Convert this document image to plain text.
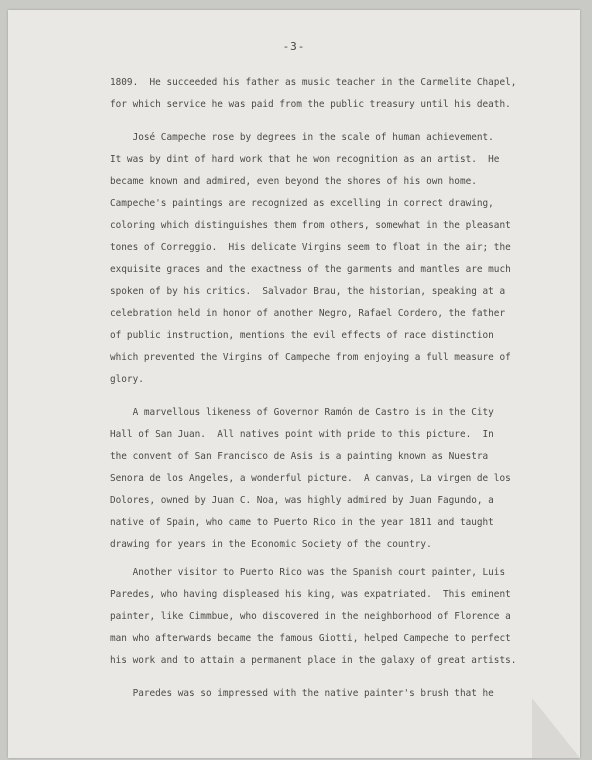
-3-
1809.  He succeeded his father as music teacher in the Carmelite Chapel,
for which service he was paid from the public treasury until his death.
José Campeche rose by degrees in the scale of human achievement.
It was by dint of hard work that he won recognition as an artist.  He
became known and admired, even beyond the shores of his own home.
Campeche's paintings are recognized as excelling in correct drawing,
coloring which distinguishes them from others, somewhat in the pleasant
tones of Correggio.  His delicate Virgins seem to float in the air; the
exquisite graces and the exactness of the garments and mantles are much
spoken of by his critics.  Salvador Brau, the historian, speaking at a
celebration held in honor of another Negro, Rafael Cordero, the father
of public instruction, mentions the evil effects of race distinction
which prevented the Virgins of Campeche from enjoying a full measure of
glory.
A marvellous likeness of Governor Ramón de Castro is in the City
Hall of San Juan.  All natives point with pride to this picture.  In
the convent of San Francisco de Asis is a painting known as Nuestra
Senora de los Angeles, a wonderful picture.  A canvas, La virgen de los
Dolores, owned by Juan C. Noa, was highly admired by Juan Fagundo, a
native of Spain, who came to Puerto Rico in the year 1811 and taught
drawing for years in the Economic Society of the country.
Another visitor to Puerto Rico was the Spanish court painter, Luis
Paredes, who having displeased his king, was expatriated.  This eminent
painter, like Cimmbue, who discovered in the neighborhood of Florence a
man who afterwards became the famous Giotti, helped Campeche to perfect
his work and to attain a permanent place in the galaxy of great artists.
Paredes was so impressed with the native painter's brush that he
